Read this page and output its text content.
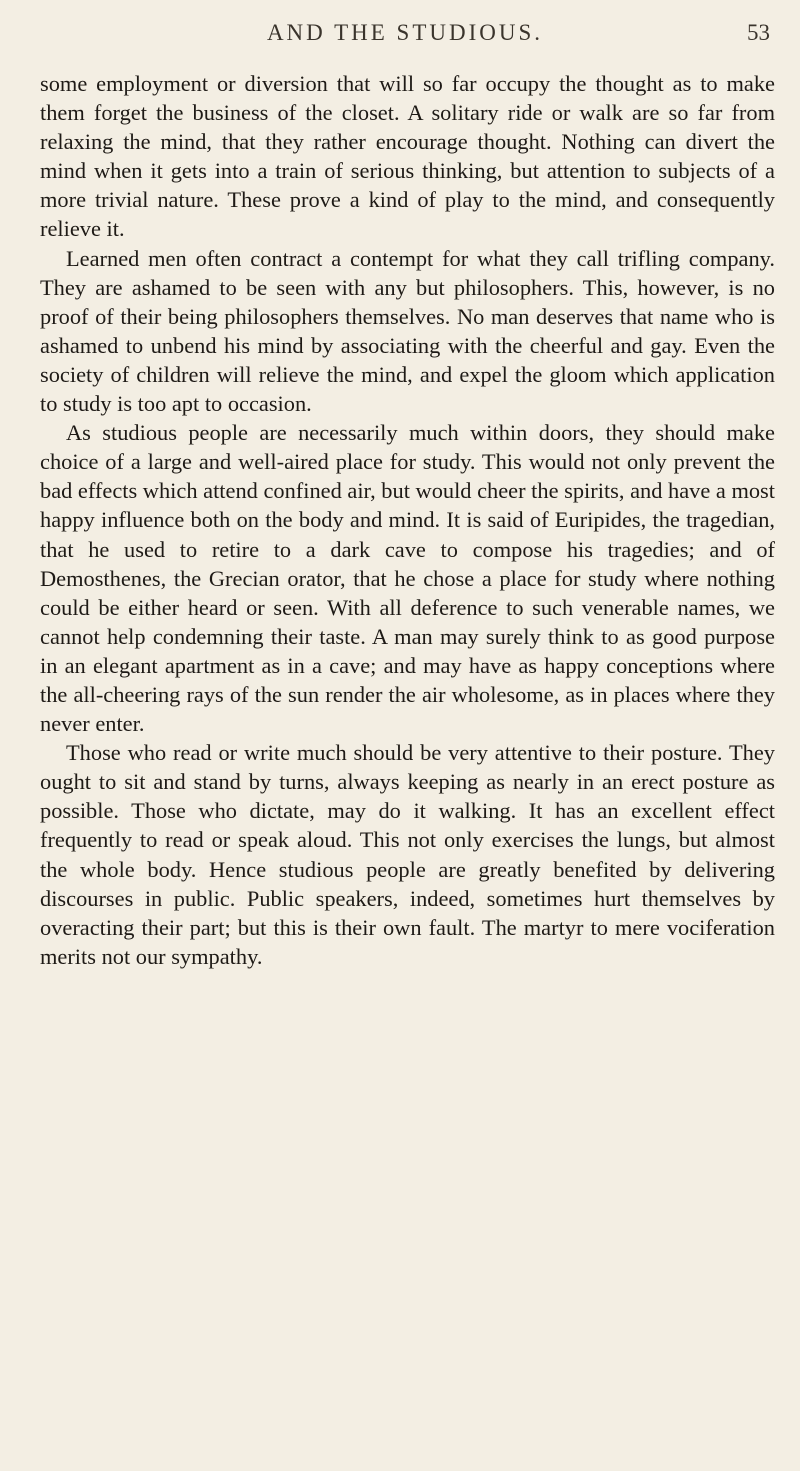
AND THE STUDIOUS.	53

some employment or diversion that will so far occupy the thought as to make them forget the business of the closet. A solitary ride or walk are so far from relaxing the mind, that they rather encourage thought. Nothing can divert the mind when it gets into a train of serious thinking, but attention to subjects of a more trivial nature. These prove a kind of play to the mind, and consequently relieve it.

Learned men often contract a contempt for what they call trifling company. They are ashamed to be seen with any but philosophers. This, however, is no proof of their being philosophers themselves. No man deserves that name who is ashamed to unbend his mind by associating with the cheerful and gay. Even the society of children will relieve the mind, and expel the gloom which application to study is too apt to occasion.

As studious people are necessarily much within doors, they should make choice of a large and well-aired place for study. This would not only prevent the bad effects which attend confined air, but would cheer the spirits, and have a most happy influence both on the body and mind. It is said of Euripides, the tragedian, that he used to retire to a dark cave to compose his tragedies; and of Demosthenes, the Grecian orator, that he chose a place for study where nothing could be either heard or seen. With all deference to such venerable names, we cannot help condemning their taste. A man may surely think to as good purpose in an elegant apartment as in a cave; and may have as happy conceptions where the all-cheering rays of the sun render the air wholesome, as in places where they never enter.

Those who read or write much should be very attentive to their posture. They ought to sit and stand by turns, always keeping as nearly in an erect posture as possible. Those who dictate, may do it walking. It has an excellent effect frequently to read or speak aloud. This not only exercises the lungs, but almost the whole body. Hence studious people are greatly benefited by delivering discourses in public. Public speakers, indeed, sometimes hurt themselves by overacting their part; but this is their own fault. The martyr to mere vociferation merits not our sympathy.
